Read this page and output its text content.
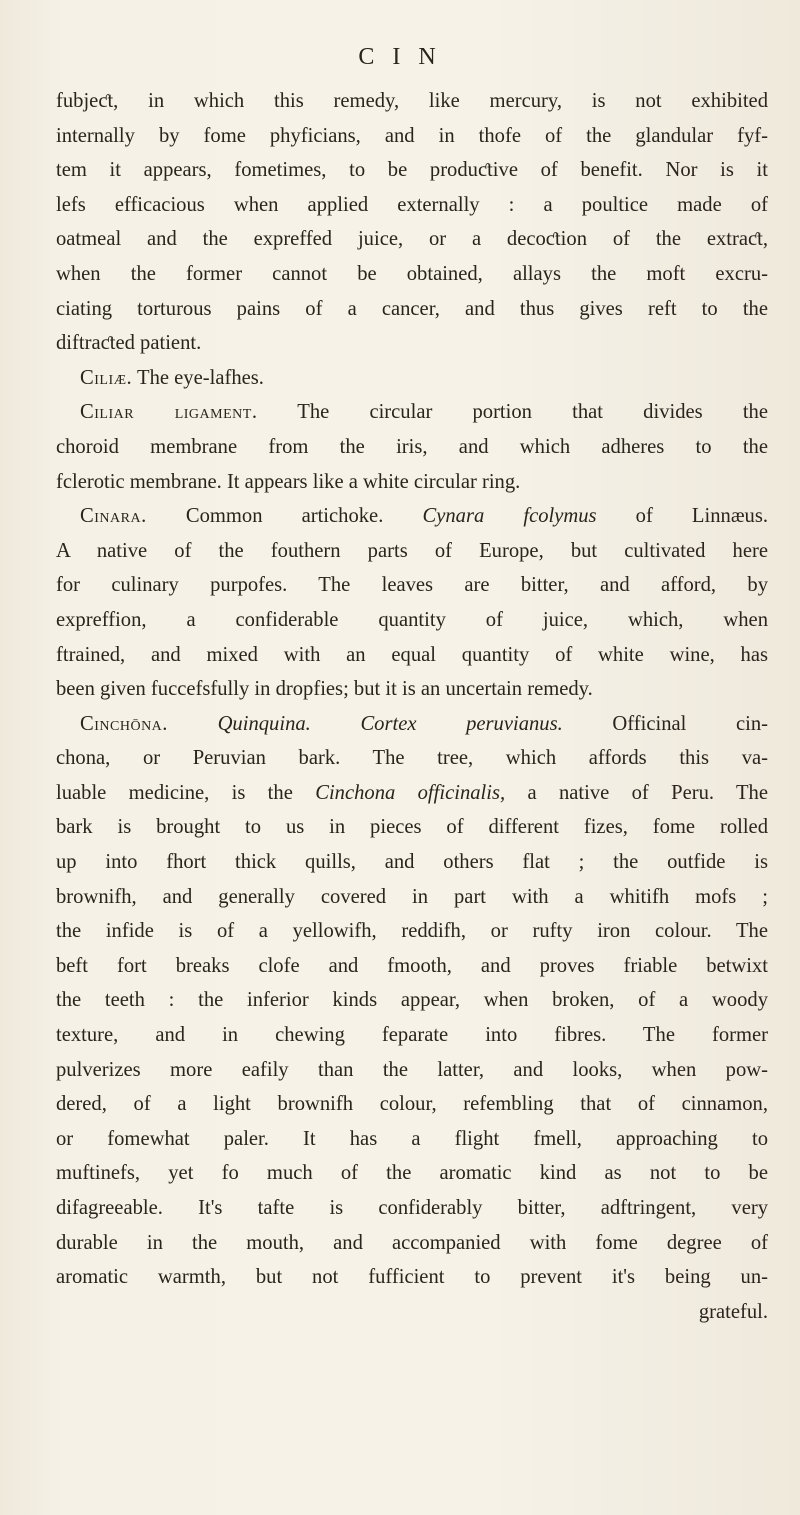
C I N
fubjeƈt, in which this remedy, like mercury, is not exhibited
internally by fome phyficians, and in thofe of the glandular fyf-
tem it appears, fometimes, to be produƈtive of benefit. Nor is it
lefs efficacious when applied externally : a poultice made of
oatmeal and the expreffed juice, or a decoƈtion of the extraƈt,
when the former cannot be obtained, allays the moft excru-
ciating torturous pains of a cancer, and thus gives reft to the
diftraƈted patient.
Ciliæ. The eye-lafhes.
Ciliar ligament. The circular portion that divides the
choroid membrane from the iris, and which adheres to the
fclerotic membrane. It appears like a white circular ring.
Cinara. Common artichoke. Cynara fcolymus of Linnæus.
A native of the fouthern parts of Europe, but cultivated here
for culinary purpofes. The leaves are bitter, and afford, by
expreffion, a confiderable quantity of juice, which, when
ftrained, and mixed with an equal quantity of white wine, has
been given fuccefsfully in dropfies; but it is an uncertain remedy.
Cinchōna. Quinquina. Cortex peruvianus. Officinal cin-
chona, or Peruvian bark. The tree, which affords this va-
luable medicine, is the Cinchona officinalis, a native of Peru. The
bark is brought to us in pieces of different fizes, fome rolled
up into fhort thick quills, and others flat ; the outfide is
brownifh, and generally covered in part with a whitifh mofs ;
the infide is of a yellowifh, reddifh, or rufty iron colour. The
beft fort breaks clofe and fmooth, and proves friable betwixt
the teeth : the inferior kinds appear, when broken, of a woody
texture, and in chewing feparate into fibres. The former
pulverizes more eafily than the latter, and looks, when pow-
dered, of a light brownifh colour, refembling that of cinnamon,
or fomewhat paler. It has a flight fmell, approaching to
muftinefs, yet fo much of the aromatic kind as not to be
difagreeable. It's tafte is confiderably bitter, adftringent, very
durable in the mouth, and accompanied with fome degree of
aromatic warmth, but not fufficient to prevent it's being un-
grateful.
